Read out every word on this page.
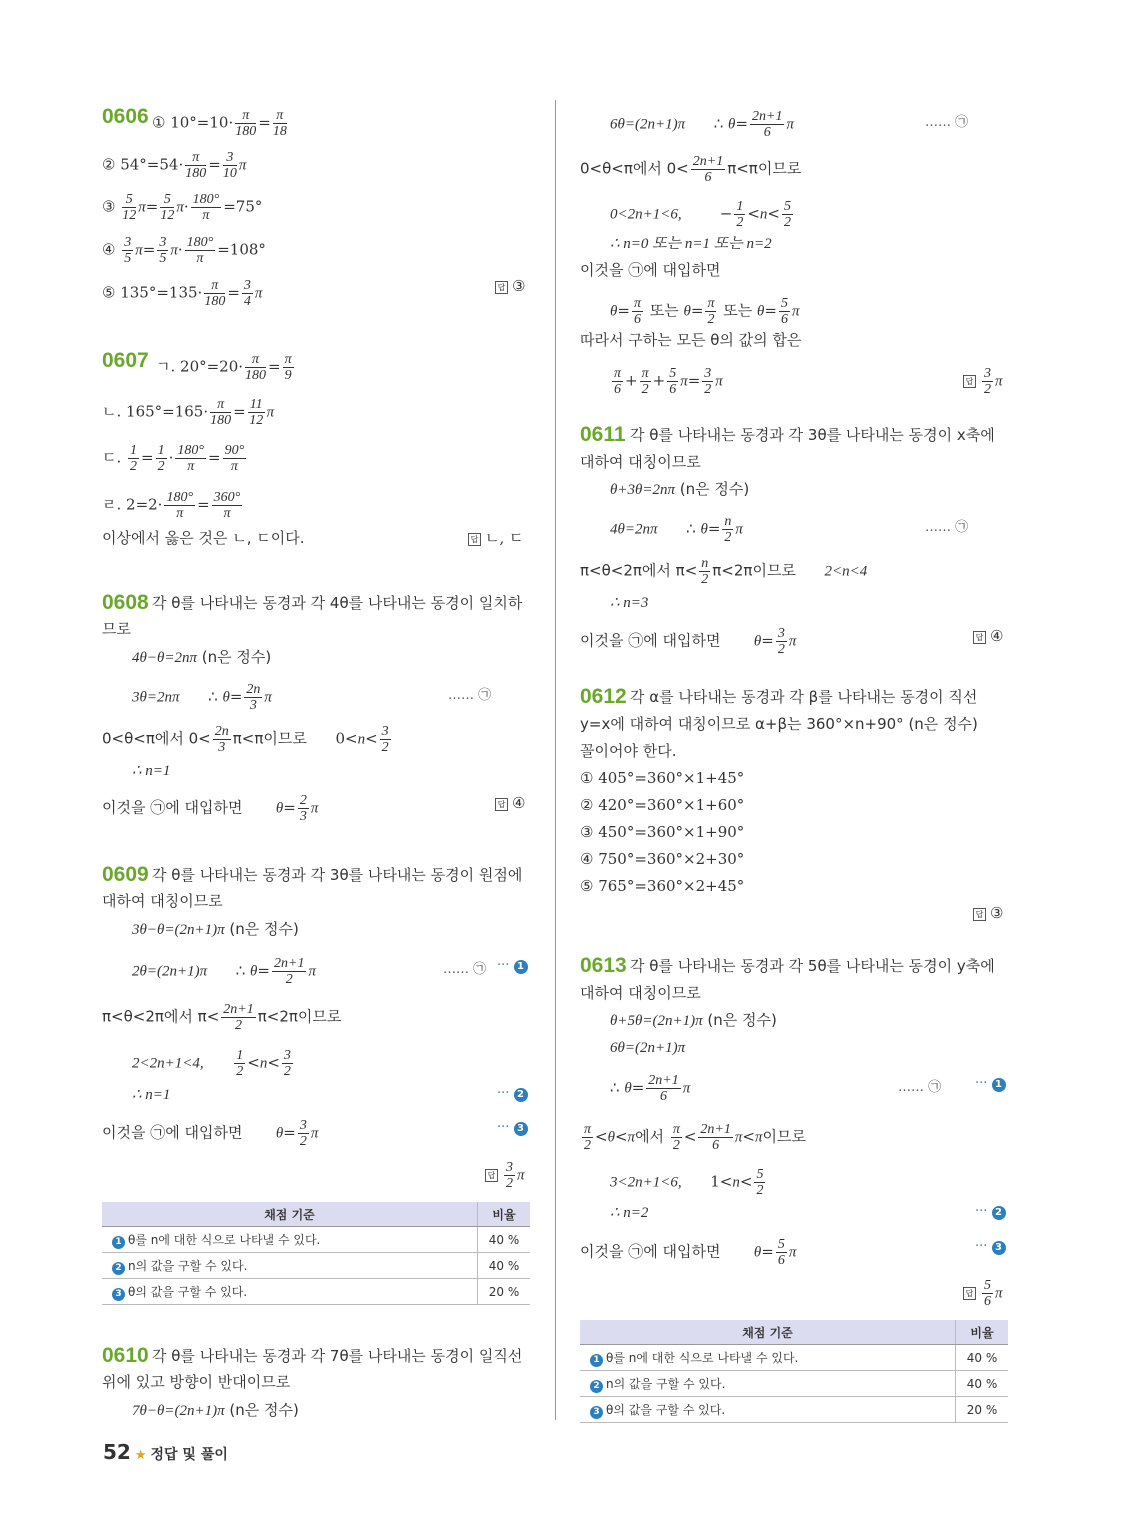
0606 ① $10^\circ=10\cdot \frac{\pi}{180} = \frac{\pi}{18}$
② $54^\circ=54\cdot \frac{\pi}{180} = \frac{3}{10}$ π
③ $\frac{5}{12} \pi= \frac{5}{12} \pi\cdot \frac{180^\circ}{\pi} =75^\circ$
④ $\frac{3}{5} \pi= \frac{3}{5} \pi\cdot \frac{180^\circ}{\pi} =108^\circ$
⑤ $135^\circ=135\cdot \frac{\pi}{180} = \frac{3}{4}$ π	답 ③
0607 ㄱ. $20^\circ=20\cdot \frac{\pi}{180} = \frac{\pi}{9}$
ㄴ. $165^\circ=165\cdot \frac{\pi}{180} = \frac{11}{12}$ π
ㄷ. $\frac{1}{2} = \frac{1}{2} \cdot \frac{180^\circ}{\pi} = \frac{90^\circ}{\pi}$
ㄹ. $2=2\cdot \frac{180^\circ}{\pi} = \frac{360^\circ}{\pi}$
이상에서 옳은 것은 ㄴ, ㄷ이다.	답 ㄴ, ㄷ
0608 각 θ를 나타내는 동경과 각 4θ를 나타내는 동경이 일치하
므로
4θ−θ=2nπ (n은 정수)
3θ=2nπ      ∴ $\theta= \frac{2n}{3}$ π	…… ㉠
0<θ<π에서 $0< \frac{2n}{3} \pi<\pi$이므로      $0<n< \frac{3}{2}$
∴ n=1
이것을 ㉠에 대입하면 $\theta= \frac{2}{3}$ π	답 ④
0609 각 θ를 나타내는 동경과 각 3θ를 나타내는 동경이 원점에
대하여 대칭이므로
3θ−θ=(2n+1)π (n은 정수)
2θ=(2n+1)π      ∴ $\theta= \frac{2n+1}{2}$ π	…… ㉠ ··· 1
π<θ<2π에서 $\pi< \frac{2n+1}{2} \pi<2\pi$이므로
2<2n+1<4, $\frac{1}{2} <n< \frac{3}{2}$
∴ n=1	··· 2
이것을 ㉠에 대입하면 $\theta= \frac{3}{2}$ π	··· 3
답 $\frac{3}{2}$ π
채점 기준	비율
1 θ를 n에 대한 식으로 나타낼 수 있다.	40 %
2 n의 값을 구할 수 있다.	40 %
3 θ의 값을 구할 수 있다.	20 %
0610 각 θ를 나타내는 동경과 각 7θ를 나타내는 동경이 일직선
위에 있고 방향이 반대이므로
7θ−θ=(2n+1)π (n은 정수)
6θ=(2n+1)π      ∴ $\theta= \frac{2n+1}{6}$ π	…… ㉠
0<θ<π에서 $0< \frac{2n+1}{6} \pi<\pi$이므로
0<2n+1<6,        − $\frac{1}{2} <n< \frac{5}{2}$
∴ n=0 또는 n=1 또는 n=2
이것을 ㉠에 대입하면
$\theta= \frac{\pi}{6}$ 또는 $\theta= \frac{\pi}{2}$ 또는 $\theta= \frac{5}{6}$ π
따라서 구하는 모든 θ의 값의 합은
$\frac{\pi}{6} + \frac{\pi}{2} + \frac{5}{6} \pi= \frac{3}{2}$ π	답 $\frac{3}{2}$ π
0611 각 θ를 나타내는 동경과 각 3θ를 나타내는 동경이 x축에
대하여 대칭이므로
θ+3θ=2nπ (n은 정수)
4θ=2nπ      ∴ $\theta= \frac{n}{2}$ π	…… ㉠
π<θ<2π에서 $\pi< \frac{n}{2} \pi<2\pi$이므로 2<n<4
∴ n=3
이것을 ㉠에 대입하면 $\theta= \frac{3}{2}$ π	답 ④
0612 각 α를 나타내는 동경과 각 β를 나타내는 동경이 직선
y=x에 대하여 대칭이므로 α+β는 360°×n+90° (n은 정수)
꼴이어야 한다.
① 405°=360°×1+45°
② 420°=360°×1+60°
③ 450°=360°×1+90°
④ 750°=360°×2+30°
⑤ 765°=360°×2+45°
답 ③
0613 각 θ를 나타내는 동경과 각 5θ를 나타내는 동경이 y축에
대하여 대칭이므로
θ+5θ=(2n+1)π (n은 정수)
6θ=(2n+1)π
∴ $\theta= \frac{2n+1}{6}$ π	…… ㉠	··· 1
$\frac{\pi}{2} <\theta<\pi$에서 $\frac{\pi}{2} < \frac{2n+1}{6} \pi<\pi$이므로
3<2n+1<6,      $1<n< \frac{5}{2}$
∴ n=2	··· 2
이것을 ㉠에 대입하면 $\theta= \frac{5}{6}$ π	··· 3
답 $\frac{5}{6}$ π
채점 기준	비율
1 θ를 n에 대한 식으로 나타낼 수 있다.	40 %
2 n의 값을 구할 수 있다.	40 %
3 θ의 값을 구할 수 있다.	20 %
52 ★ 정답 및 풀이
